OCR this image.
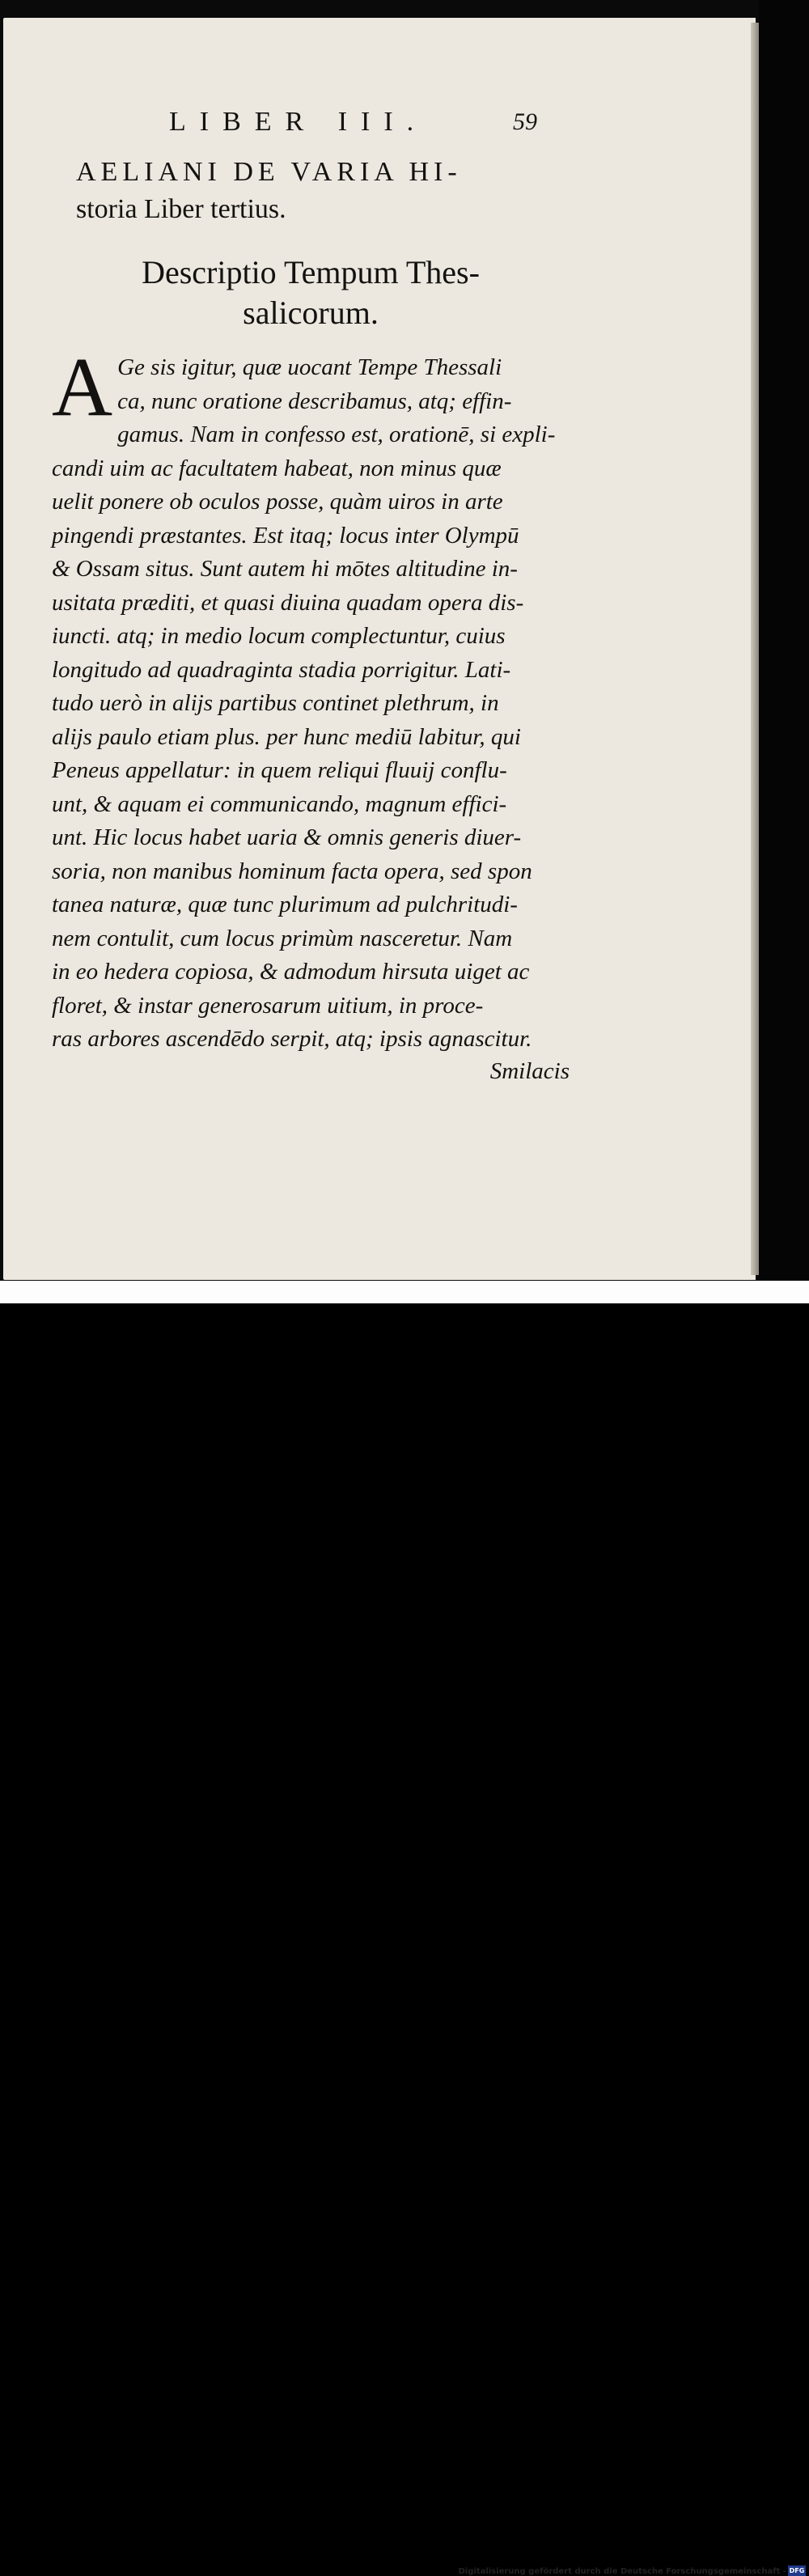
LIBER III.	59
AELIANI DE VARIA HI-
storia Liber tertius.
Descriptio Tempum Thes-
salicorum.
A Ge sis igitur, quæ uocant Tempe Thessali
ca, nunc oratione describamus, atq; effin-
gamus. Nam in confesso est, orationē, si expli-
candi uim ac facultatem habeat, non minus quæ
uelit ponere ob oculos posse, quàm uiros in arte
pingendi præstantes. Est itaq; locus inter Olympū
& Ossam situs. Sunt autem hi mōtes altitudine in-
usitata præditi, et quasi diuina quadam opera dis-
iuncti. atq; in medio locum complectuntur, cuius
longitudo ad quadraginta stadia porrigitur. Lati-
tudo uerò in alijs partibus continet plethrum, in
alijs paulo etiam plus. per hunc mediū labitur, qui
Peneus appellatur: in quem reliqui fluuij conflu-
unt, & aquam ei communicando, magnum effici-
unt. Hic locus habet uaria & omnis generis diuer-
soria, non manibus hominum facta opera, sed spon
tanea naturæ, quæ tunc plurimum ad pulchritudi-
nem contulit, cum locus primùm nasceretur. Nam
in eo hedera copiosa, & admodum hirsuta uiget ac
floret, & instar generosarum uitium, in proce-
ras arbores ascendēdo serpit, atq; ipsis agnascitur.
Smilacis
Digitalisierung gefördert durch die Deutsche Forschungsgemeinschaft - DFG
